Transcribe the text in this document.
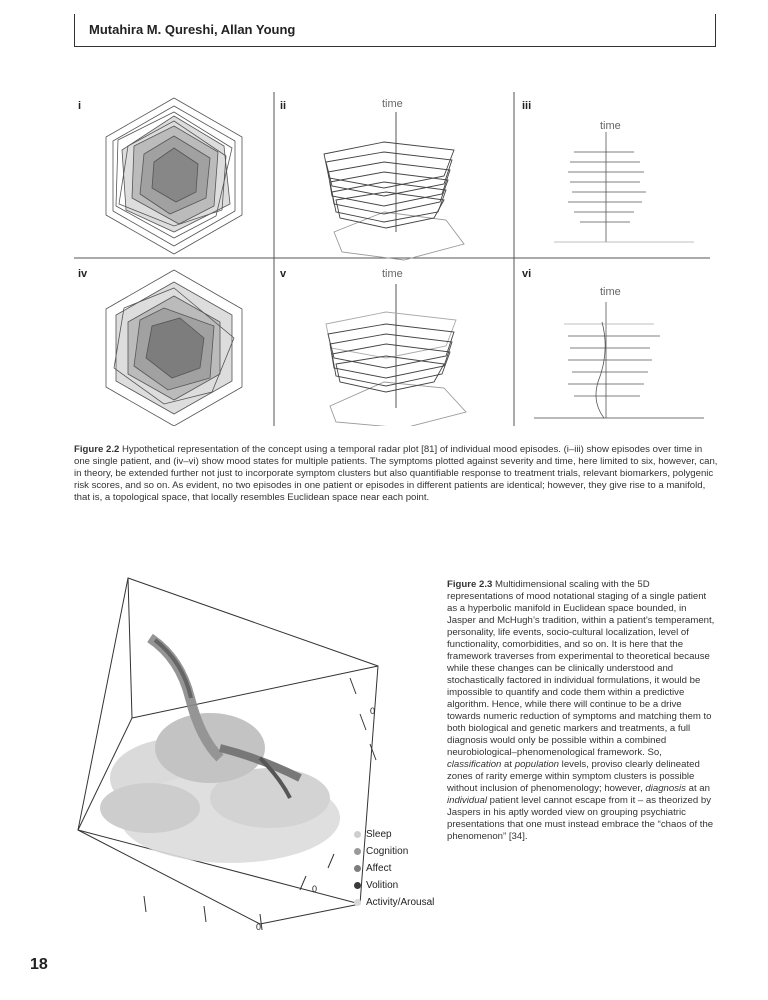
Mutahira M. Qureshi, Allan Young
i	ii	iii
iv	v	vi
time
time
time
time
Figure 2.2 Hypothetical representation of the concept using a temporal radar plot [81] of individual mood episodes. (i–iii) show episodes over time in one single patient, and (iv–vi) show mood states for multiple patients. The symptoms plotted against severity and time, here limited to six, however, can, in theory, be extended further not just to incorporate symptom clusters but also quantifiable response to treatment trials, relevant biomarkers, polygenic risk scores, and so on. As evident, no two episodes in one patient or episodes in different patients are identical; however, they give rise to a manifold, that is, a topological space, that locally resembles Euclidean space near each point.
0
0
0
Sleep
Cognition
Affect
Volition
Activity/Arousal
Figure 2.3 Multidimensional scaling with the 5D representations of mood notational staging of a single patient as a hyperbolic manifold in Euclidean space bounded, in Jasper and McHugh’s tradition, within a patient’s temperament, personality, life events, socio-cultural localization, level of functionality, comorbidities, and so on. It is here that the framework traverses from experimental to theoretical because while these changes can be clinically understood and stochastically factored in individual formulations, it would be impossible to quantify and code them within a predictive algorithm. Hence, while there will continue to be a drive towards numeric reduction of symptoms and matching them to both biological and genetic markers and treatments, a full diagnosis would only be possible within a combined neurobiological–phenomenological framework. So, classification at population levels, proviso clearly delineated zones of rarity emerge within symptom clusters is possible without inclusion of phenomenology; however, diagnosis at an individual patient level cannot escape from it – as theorized by Jaspers in his aptly worded view on grouping psychiatric presentations that one must instead embrace the “chaos of the phenomenon” [34].
18
